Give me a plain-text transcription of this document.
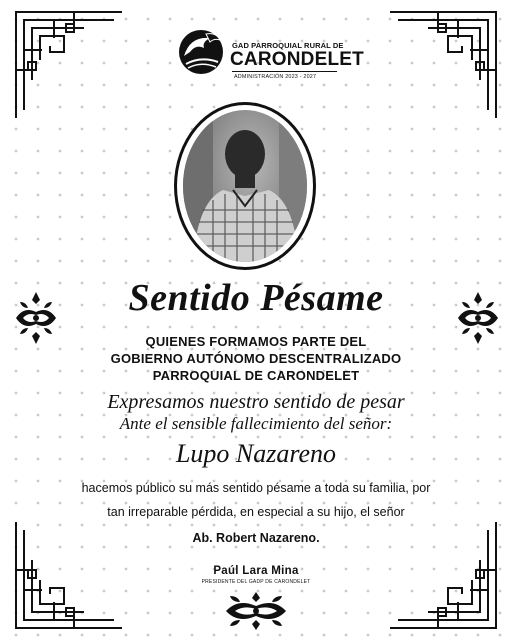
GAD PARROQUIAL RURAL DE
CARONDELET
ADMINISTRACIÓN 2023 - 2027
Sentido Pésame
QUIENES FORMAMOS PARTE DEL
GOBIERNO AUTÓNOMO DESCENTRALIZADO
PARROQUIAL DE CARONDELET
Expresamos nuestro sentido de pesar
Ante el sensible fallecimiento del señor:
Lupo Nazareno
hacemos público su más sentido pésame a toda su familia, por
tan irreparable pérdida, en especial a su hijo, el señor
Ab. Robert Nazareno.
Paúl Lara Mina
PRESIDENTE DEL GADP DE CARONDELET
